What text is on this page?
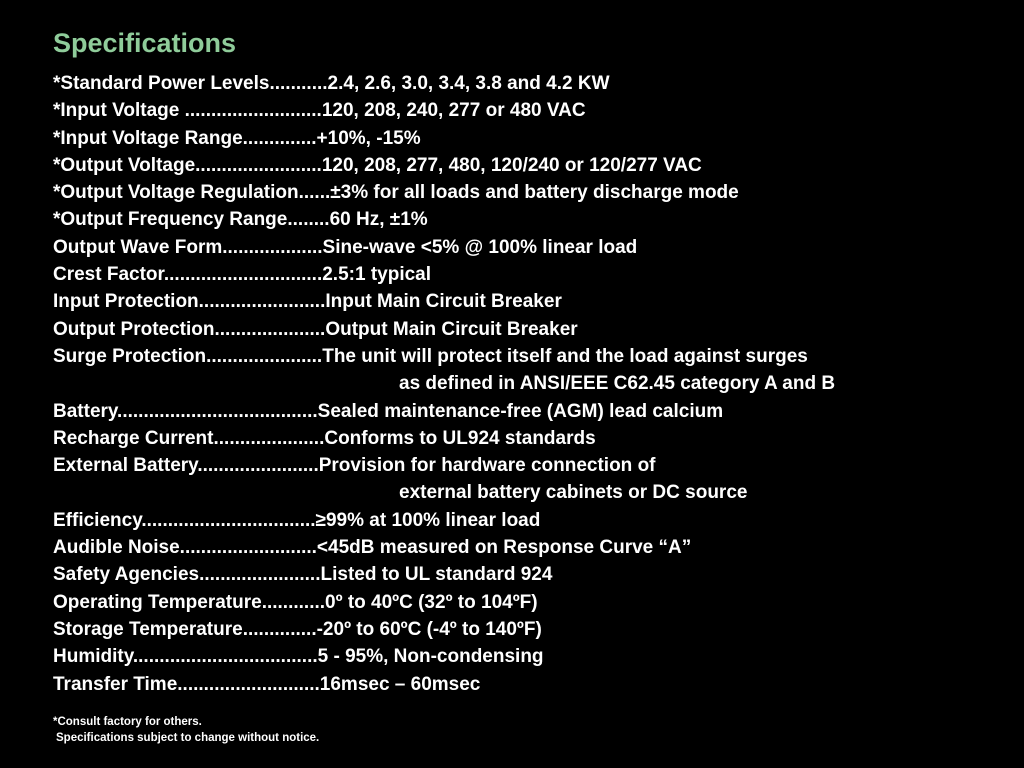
Specifications
*Standard Power Levels...........2.4, 2.6, 3.0, 3.4, 3.8 and 4.2 KW
*Input Voltage ..........................120, 208, 240, 277 or 480 VAC
*Input Voltage Range..............+10%, -15%
*Output Voltage........................120, 208, 277, 480, 120/240 or 120/277 VAC
*Output Voltage Regulation......±3% for all loads and battery discharge mode
*Output Frequency Range........60 Hz, ±1%
Output Wave Form...................Sine-wave <5% @ 100% linear load
Crest Factor..............................2.5:1 typical
Input Protection........................Input Main Circuit Breaker
Output Protection.....................Output Main Circuit Breaker
Surge Protection......................The unit will protect itself and the load against surges
as defined in ANSI/EEE C62.45 category A and B
Battery......................................Sealed maintenance-free (AGM) lead calcium
Recharge Current.....................Conforms to UL924 standards
External Battery.......................Provision for hardware connection of
external battery cabinets or DC source
Efficiency.................................≥99% at 100% linear load
Audible Noise..........................<45dB measured on Response Curve “A”
Safety Agencies.......................Listed to UL standard 924
Operating Temperature............0º to 40ºC (32º to 104ºF)
Storage Temperature..............-20º to 60ºC (-4º to 140ºF)
Humidity...................................5 - 95%, Non-condensing
Transfer Time...........................16msec – 60msec
*Consult factory for others.
Specifications subject to change without notice.
